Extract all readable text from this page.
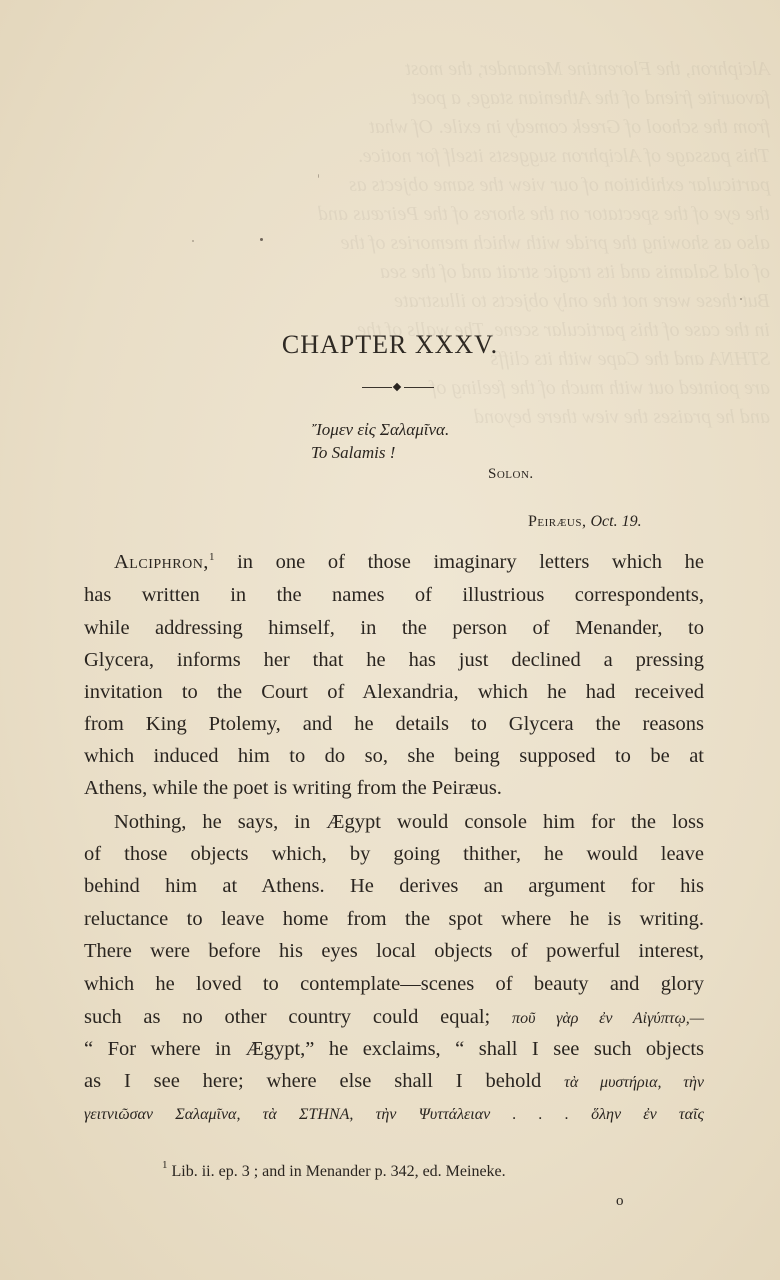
Alciphron, the Florentine Menander, the most
favourite friend of the Athenian stage, a poet
from the school of Greek comedy in exile. Of what
This passage of Alciphron suggests itself for notice.
particular exhibition of our view the same objects as
the eye of the spectator on the shores of the Peiræus and
also as showing the pride with which memories of the
of old Salamis and its tragic strait and of the sea
But these were not the only objects to illustrate
in the case of this particular scene. The walls of the
STHNA and the Cape with its cliffs
are pointed out with much of the feeling of
and he praises the view there beyond
CHAPTER XXXV.
Ἴομεν εἰς Σαλαμῖνα.
To Salamis !
Solon.
Peiræus, Oct. 19.
Alciphron,$^1$ in one of those imaginary letters which he
has written in the names of illustrious correspondents,
while addressing himself, in the person of Menander, to
Glycera, informs her that he has just declined a pressing
invitation to the Court of Alexandria, which he had received
from King Ptolemy, and he details to Glycera the reasons
which induced him to do so, she being supposed to be at
Athens, while the poet is writing from the Peiræus.
Nothing, he says, in Ægypt would console him for the loss
of those objects which, by going thither, he would leave
behind him at Athens. He derives an argument for his
reluctance to leave home from the spot where he is writing.
There were before his eyes local objects of powerful interest,
which he loved to contemplate—scenes of beauty and glory
such as no other country could equal; ποῦ γὰρ ἐν Αἰγύπτῳ,—
“ For where in Ægypt,” he exclaims, “ shall I see such objects
as I see here; where else shall I behold τὰ μυστήρια, τὴν
γειτνιῶσαν Σαλαμῖνα, τὰ ΣΤΗΝΑ, τὴν Ψυττάλειαν . . . ὅλην ἐν ταῖς
$^1$ Lib. ii. ep. 3 ; and in Menander p. 342, ed. Meineke.
o
